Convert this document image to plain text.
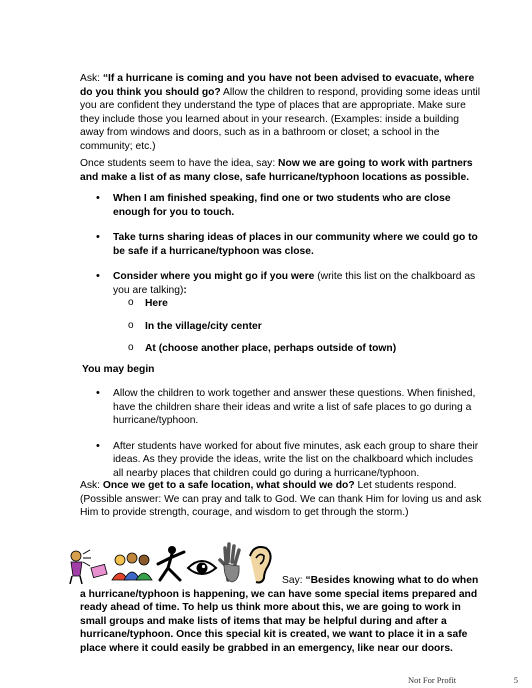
Ask: “If a hurricane is coming and you have not been advised to evacuate, where do you think you should go? Allow the children to respond, providing some ideas until you are confident they understand the type of places that are appropriate. Make sure they include those you learned about in your research. (Examples: inside a building away from windows and doors, such as in a bathroom or closet; a school in the community; etc.)

Once students seem to have the idea, say: Now we are going to work with partners and make a list of as many close, safe hurricane/typhoon locations as possible.

• When I am finished speaking, find one or two students who are close enough for you to touch.
• Take turns sharing ideas of places in our community where we could go to be safe if a hurricane/typhoon was close.
• Consider where you might go if you were (write this list on the chalkboard as you are talking):
o Here
o In the village/city center
o At (choose another place, perhaps outside of town)

You may begin

• Allow the children to work together and answer these questions. When finished, have the children share their ideas and write a list of safe places to go during a hurricane/typhoon.
• After students have worked for about five minutes, ask each group to share their ideas. As they provide the ideas, write the list on the chalkboard which includes all nearby places that children could go during a hurricane/typhoon.

Ask: Once we get to a safe location, what should we do? Let students respond. (Possible answer: We can pray and talk to God. We can thank Him for loving us and ask Him to provide strength, courage, and wisdom to get through the storm.)

Say: “Besides knowing what to do when
a hurricane/typhoon is happening, we can have some special items prepared and ready ahead of time. To help us think more about this, we are going to work in small groups and make lists of items that may be helpful during and after a hurricane/typhoon. Once this special kit is created, we want to place it in a safe place where it could easily be grabbed in an emergency, like near our doors.

Not For Profit	5
